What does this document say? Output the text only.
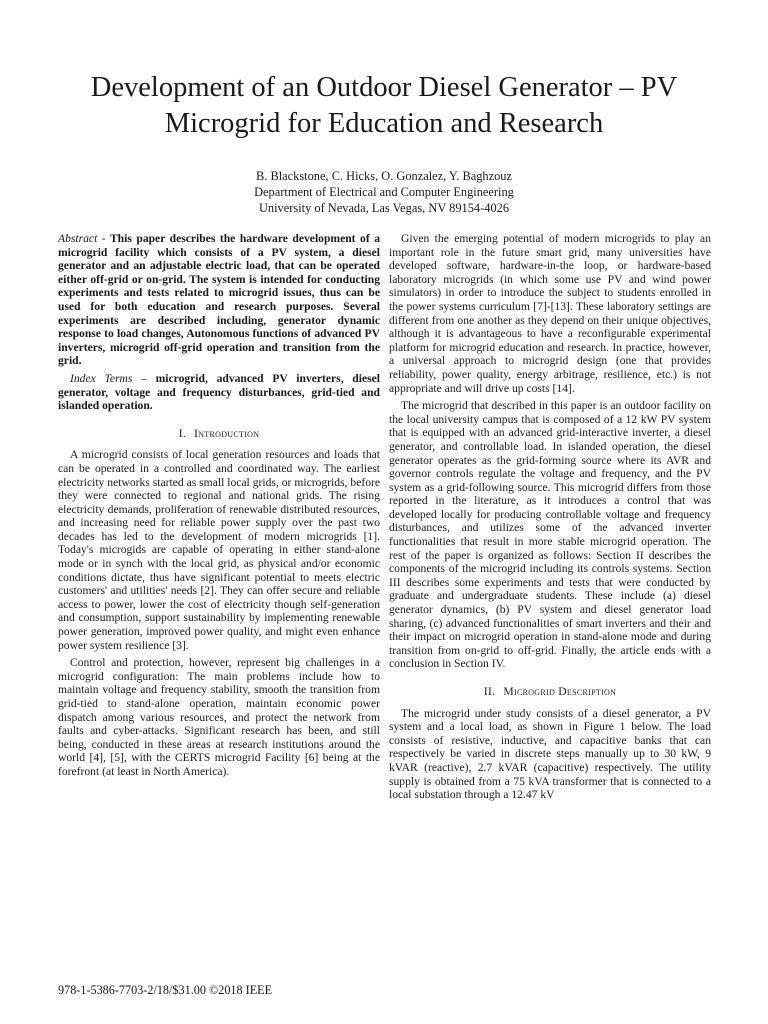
Development of an Outdoor Diesel Generator – PV
Microgrid for Education and Research
B. Blackstone, C. Hicks, O. Gonzalez, Y. Baghzouz
Department of Electrical and Computer Engineering
University of Nevada, Las Vegas, NV 89154-4026

Abstract - This paper describes the hardware development of a microgrid facility which consists of a PV system, a diesel generator and an adjustable electric load, that can be operated either off-grid or on-grid. The system is intended for conducting experiments and tests related to microgrid issues, thus can be used for both education and research purposes. Several experiments are described including, generator dynamic response to load changes, Autonomous functions of advanced PV inverters, microgrid off-grid operation and transition from the grid.

Index Terms – microgrid, advanced PV inverters, diesel generator, voltage and frequency disturbances, grid-tied and islanded operation.

I. Introduction

A microgrid consists of local generation resources and loads that can be operated in a controlled and coordinated way. The earliest electricity networks started as small local grids, or microgrids, before they were connected to regional and national grids. The rising electricity demands, proliferation of renewable distributed resources, and increasing need for reliable power supply over the past two decades has led to the development of modern microgrids [1]. Today's microgids are capable of operating in either stand-alone mode or in synch with the local grid, as physical and/or economic conditions dictate, thus have significant potential to meets electric customers' and utilities' needs [2]. They can offer secure and reliable access to power, lower the cost of electricity though self-generation and consumption, support sustainability by implementing renewable power generation, improved power quality, and might even enhance power system resilience [3].

Control and protection, however, represent big challenges in a microgrid configuration: The main problems include how to maintain voltage and frequency stability, smooth the transition from grid-tied to stand-alone operation, maintain economic power dispatch among various resources, and protect the network from faults and cyber-attacks. Significant research has been, and still being, conducted in these areas at research institutions around the world [4], [5], with the CERTS microgrid Facility [6] being at the forefront (at least in North America).

Given the emerging potential of modern microgrids to play an important role in the future smart grid, many universities have developed software, hardware-in-the loop, or hardware-based laboratory microgrids (in which some use PV and wind power simulators) in order to introduce the subject to students enrolled in the power systems curriculum [7]-[13]. These laboratory settings are different from one another as they depend on their unique objectives, although it is advantageous to have a reconfigurable experimental platform for microgrid education and research. In practice, however, a universal approach to microgrid design (one that provides reliability, power quality, energy arbitrage, resilience, etc.) is not appropriate and will drive up costs [14].

The microgrid that described in this paper is an outdoor facility on the local university campus that is composed of a 12 kW PV system that is equipped with an advanced grid-interactive inverter, a diesel generator, and controllable load. In islanded operation, the diesel generator operates as the grid-forming source where its AVR and governor controls regulate the voltage and frequency, and the PV system as a grid-following source. This microgrid differs from those reported in the literature, as it introduces a control that was developed locally for producing controllable voltage and frequency disturbances, and utilizes some of the advanced inverter functionalities that result in more stable microgrid operation. The rest of the paper is organized as follows: Section II describes the components of the microgrid including its controls systems. Section III describes some experiments and tests that were conducted by graduate and undergraduate students. These include (a) diesel generator dynamics, (b) PV system and diesel generator load sharing, (c) advanced functionalities of smart inverters and their and their impact on microgrid operation in stand-alone mode and during transition from on-grid to off-grid. Finally, the article ends with a conclusion in Section IV.

II. Microgrid Description

The microgrid under study consists of a diesel generator, a PV system and a local load, as shown in Figure 1 below. The load consists of resistive, inductive, and capacitive banks that can respectively be varied in discrete steps manually up to 30 kW, 9 kVAR (reactive), 2.7 kVAR (capacitive) respectively. The utility supply is obtained from a 75 kVA transformer that is connected to a local substation through a 12.47 kV

978-1-5386-7703-2/18/$31.00 ©2018 IEEE
